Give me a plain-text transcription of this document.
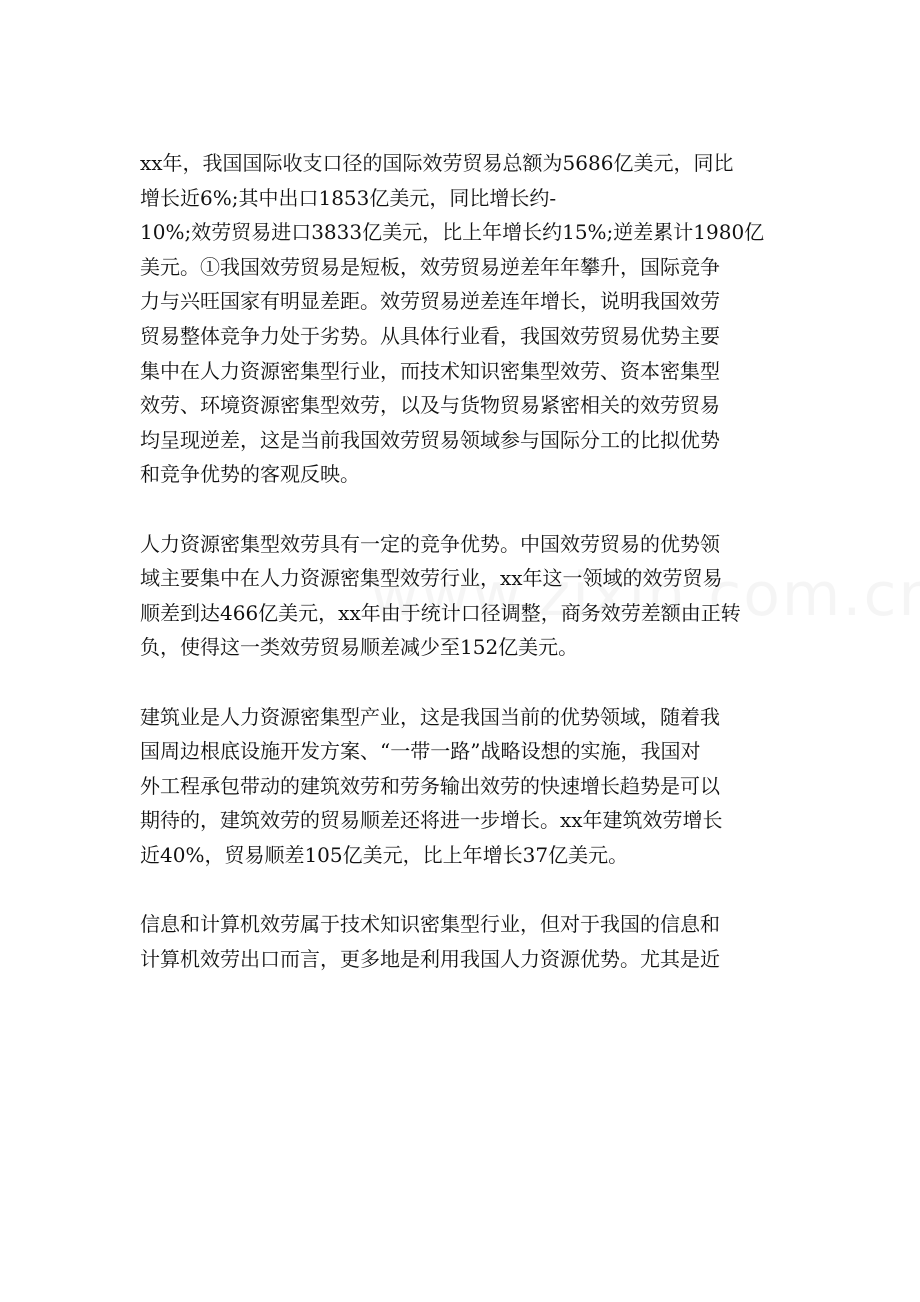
xx年，我国国际收支口径的国际效劳贸易总额为5686亿美元，同比
增长近6%;其中出口1853亿美元，同比增长约-
10%;效劳贸易进口3833亿美元，比上年增长约15%;逆差累计1980亿
美元。①我国效劳贸易是短板，效劳贸易逆差年年攀升，国际竞争
力与兴旺国家有明显差距。效劳贸易逆差连年增长，说明我国效劳
贸易整体竞争力处于劣势。从具体行业看，我国效劳贸易优势主要
集中在人力资源密集型行业，而技术知识密集型效劳、资本密集型
效劳、环境资源密集型效劳，以及与货物贸易紧密相关的效劳贸易
均呈现逆差，这是当前我国效劳贸易领域参与国际分工的比拟优势
和竞争优势的客观反映。

人力资源密集型效劳具有一定的竞争优势。中国效劳贸易的优势领
域主要集中在人力资源密集型效劳行业，xx年这一领域的效劳贸易
顺差到达466亿美元，xx年由于统计口径调整，商务效劳差额由正转
负，使得这一类效劳贸易顺差减少至152亿美元。

建筑业是人力资源密集型产业，这是我国当前的优势领域，随着我
国周边根底设施开发方案、“一带一路”战略设想的实施，我国对
外工程承包带动的建筑效劳和劳务输出效劳的快速增长趋势是可以
期待的，建筑效劳的贸易顺差还将进一步增长。xx年建筑效劳增长
近40%，贸易顺差105亿美元，比上年增长37亿美元。

信息和计算机效劳属于技术知识密集型行业，但对于我国的信息和
计算机效劳出口而言，更多地是利用我国人力资源优势。尤其是近
